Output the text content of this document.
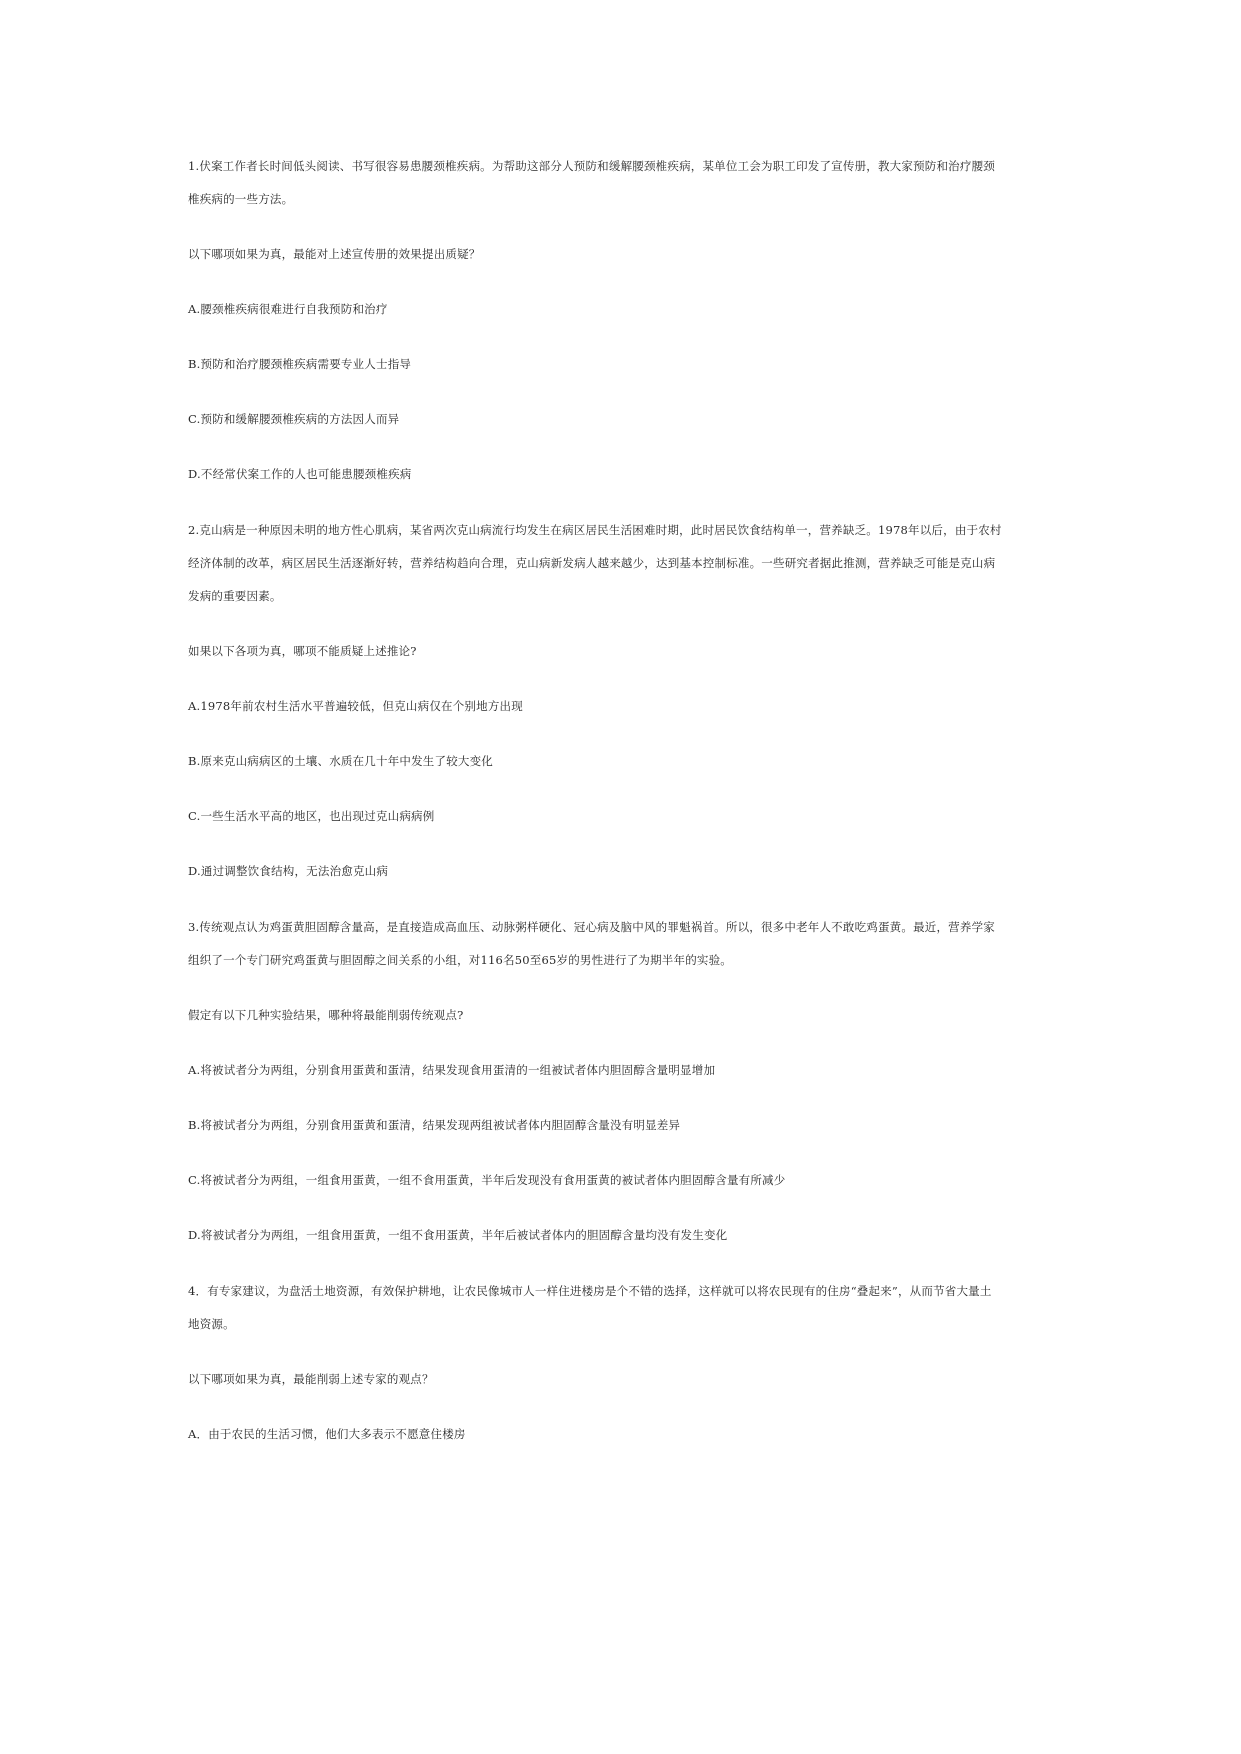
1.伏案工作者长时间低头阅读、书写很容易患腰颈椎疾病。为帮助这部分人预防和缓解腰颈椎疾病，某单位工会为职工印发了宣传册，教大家预防和治疗腰颈

椎疾病的一些方法。

以下哪项如果为真，最能对上述宣传册的效果提出质疑？

A.腰颈椎疾病很难进行自我预防和治疗

B.预防和治疗腰颈椎疾病需要专业人士指导

C.预防和缓解腰颈椎疾病的方法因人而异

D.不经常伏案工作的人也可能患腰颈椎疾病

2.克山病是一种原因未明的地方性心肌病，某省两次克山病流行均发生在病区居民生活困难时期，此时居民饮食结构单一，营养缺乏。1978年以后，由于农村

经济体制的改革，病区居民生活逐渐好转，营养结构趋向合理，克山病新发病人越来越少，达到基本控制标准。一些研究者据此推测，营养缺乏可能是克山病

发病的重要因素。

如果以下各项为真，哪项不能质疑上述推论?

A.1978年前农村生活水平普遍较低，但克山病仅在个别地方出现

B.原来克山病病区的土壤、水质在几十年中发生了较大变化

C.一些生活水平高的地区，也出现过克山病病例

D.通过调整饮食结构，无法治愈克山病

3.传统观点认为鸡蛋黄胆固醇含量高，是直接造成高血压、动脉粥样硬化、冠心病及脑中风的罪魁祸首。所以，很多中老年人不敢吃鸡蛋黄。最近，营养学家

组织了一个专门研究鸡蛋黄与胆固醇之间关系的小组，对116名50至65岁的男性进行了为期半年的实验。

假定有以下几种实验结果，哪种将最能削弱传统观点?

A.将被试者分为两组，分别食用蛋黄和蛋清，结果发现食用蛋清的一组被试者体内胆固醇含量明显增加

B.将被试者分为两组，分别食用蛋黄和蛋清，结果发现两组被试者体内胆固醇含量没有明显差异

C.将被试者分为两组，一组食用蛋黄，一组不食用蛋黄，半年后发现没有食用蛋黄的被试者体内胆固醇含量有所减少

D.将被试者分为两组，一组食用蛋黄，一组不食用蛋黄，半年后被试者体内的胆固醇含量均没有发生变化

4．有专家建议，为盘活土地资源，有效保护耕地，让农民像城市人一样住进楼房是个不错的选择，这样就可以将农民现有的住房“叠起来”，从而节省大量土

地资源。

以下哪项如果为真，最能削弱上述专家的观点？

A．由于农民的生活习惯，他们大多表示不愿意住楼房
